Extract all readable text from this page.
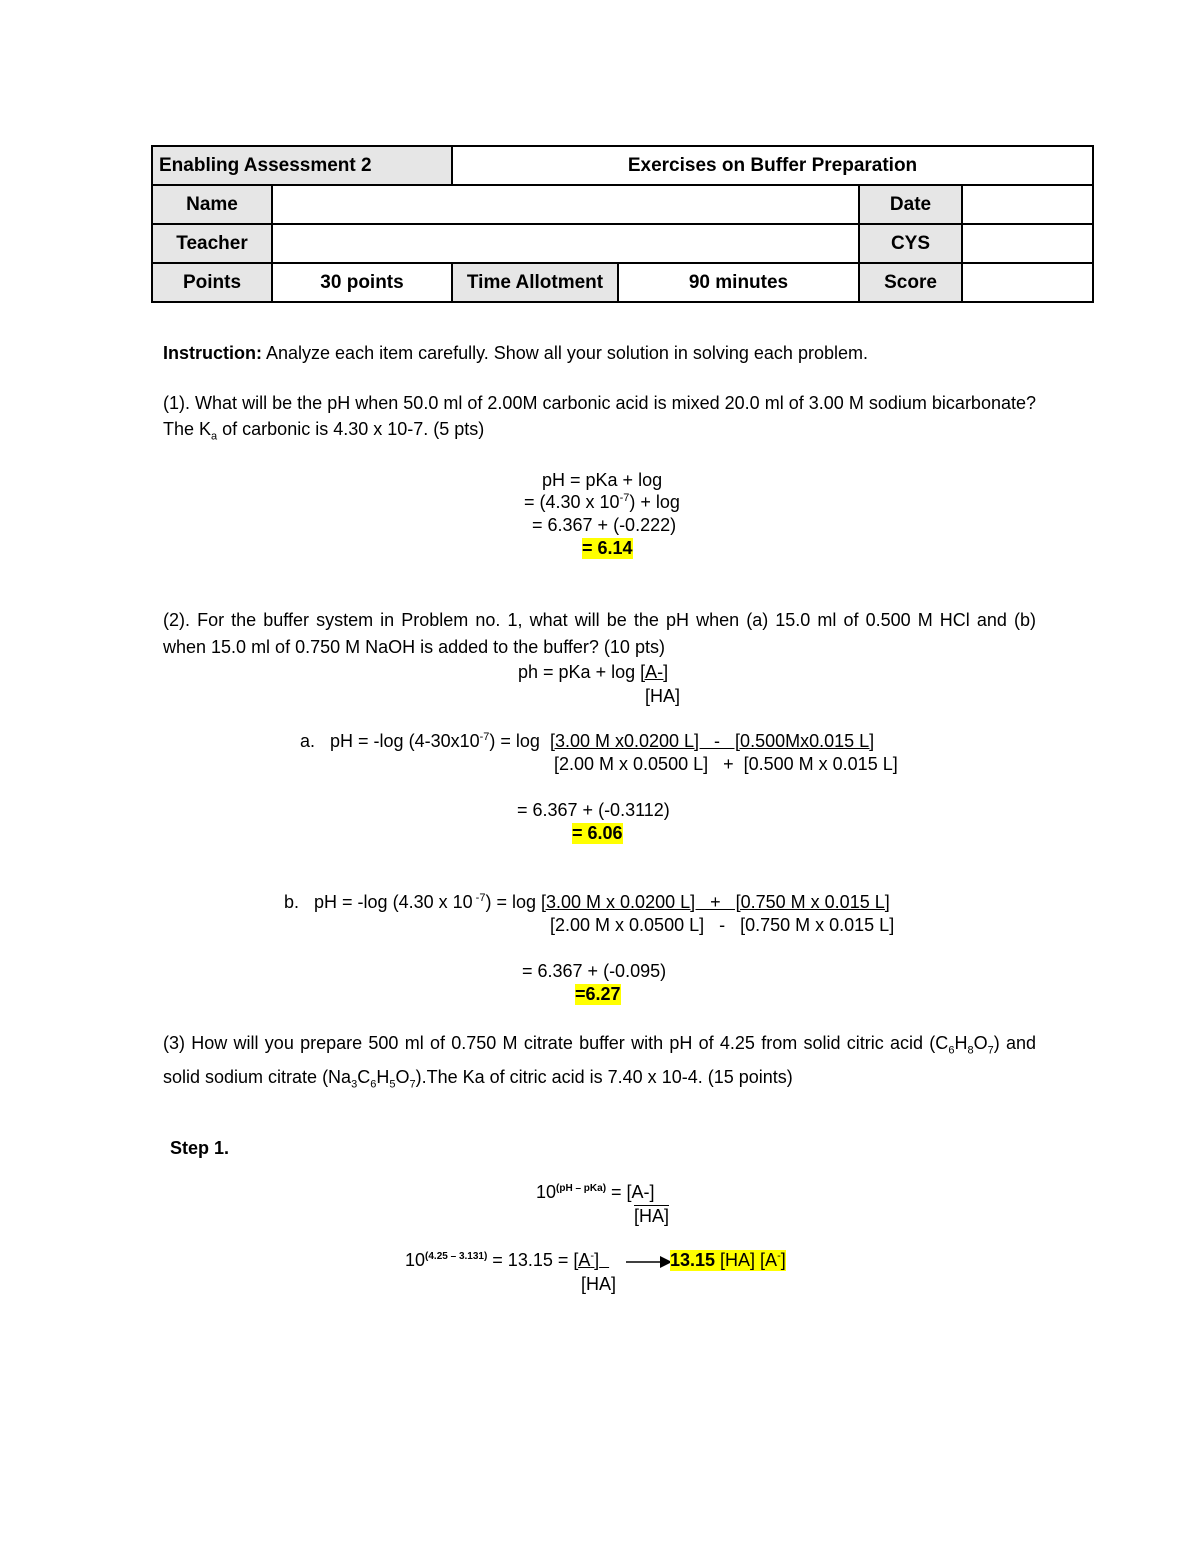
Enabling Assessment 2		Exercises on Buffer Preparation			
Name				Date	
Teacher				CYS	
Points	30 points	Time Allotment	90 minutes	Score	
Instruction: Analyze each item carefully. Show all your solution in solving each problem.
(1). What will be the pH when 50.0 ml of 2.00M carbonic acid is mixed 20.0 ml of 3.00 M sodium bicarbonate? The $K_a$ of carbonic is 4.30 x 10-7. (5 pts)
pH = pKa + log
= (4.30 x $10^{-7}) + \log$
= 6.367 + (-0.222)
= 6.14
(2). For the buffer system in Problem no. 1, what will be the pH when (a) 15.0 ml of 0.500 M HCl and (b) when 15.0 ml of 0.750 M NaOH is added to the buffer? (10 pts)
ph = pKa + log [A-]
[HA]
a. pH = -log $(4-30x10^{-7}) = \log [3.00$ M x0.0200 L]   -   [0.500Mx0.015 L]
[2.00 M x 0.0500 L]   +  [0.500 M x 0.015 L]
= 6.367 + (-0.3112)
= 6.06
b. pH = -log (4.30 x 10 $^{-7}$) = log [3.00 M x 0.0200 L]   +   [0.750 M x 0.015 L]
[2.00 M x 0.0500 L]   -   [0.750 M x 0.015 L]
= 6.367 + (-0.095)
=6.27
(3) How will you prepare 500 ml of 0.750 M citrate buffer with pH of 4.25 from solid citric acid $(C_6H_8O_7)$ and solid sodium citrate $(Na_3C_6H_5O_7).The$ Ka of citric acid is 7.40 x 10-4. (15 points)
Step 1.
$10^{(pH - pKa)} = [A-]$
[HA]
$10^{(4.25 - 3.131)} = 13.15 = [A^-]$
[HA]
13.15 [HA] [A-]
